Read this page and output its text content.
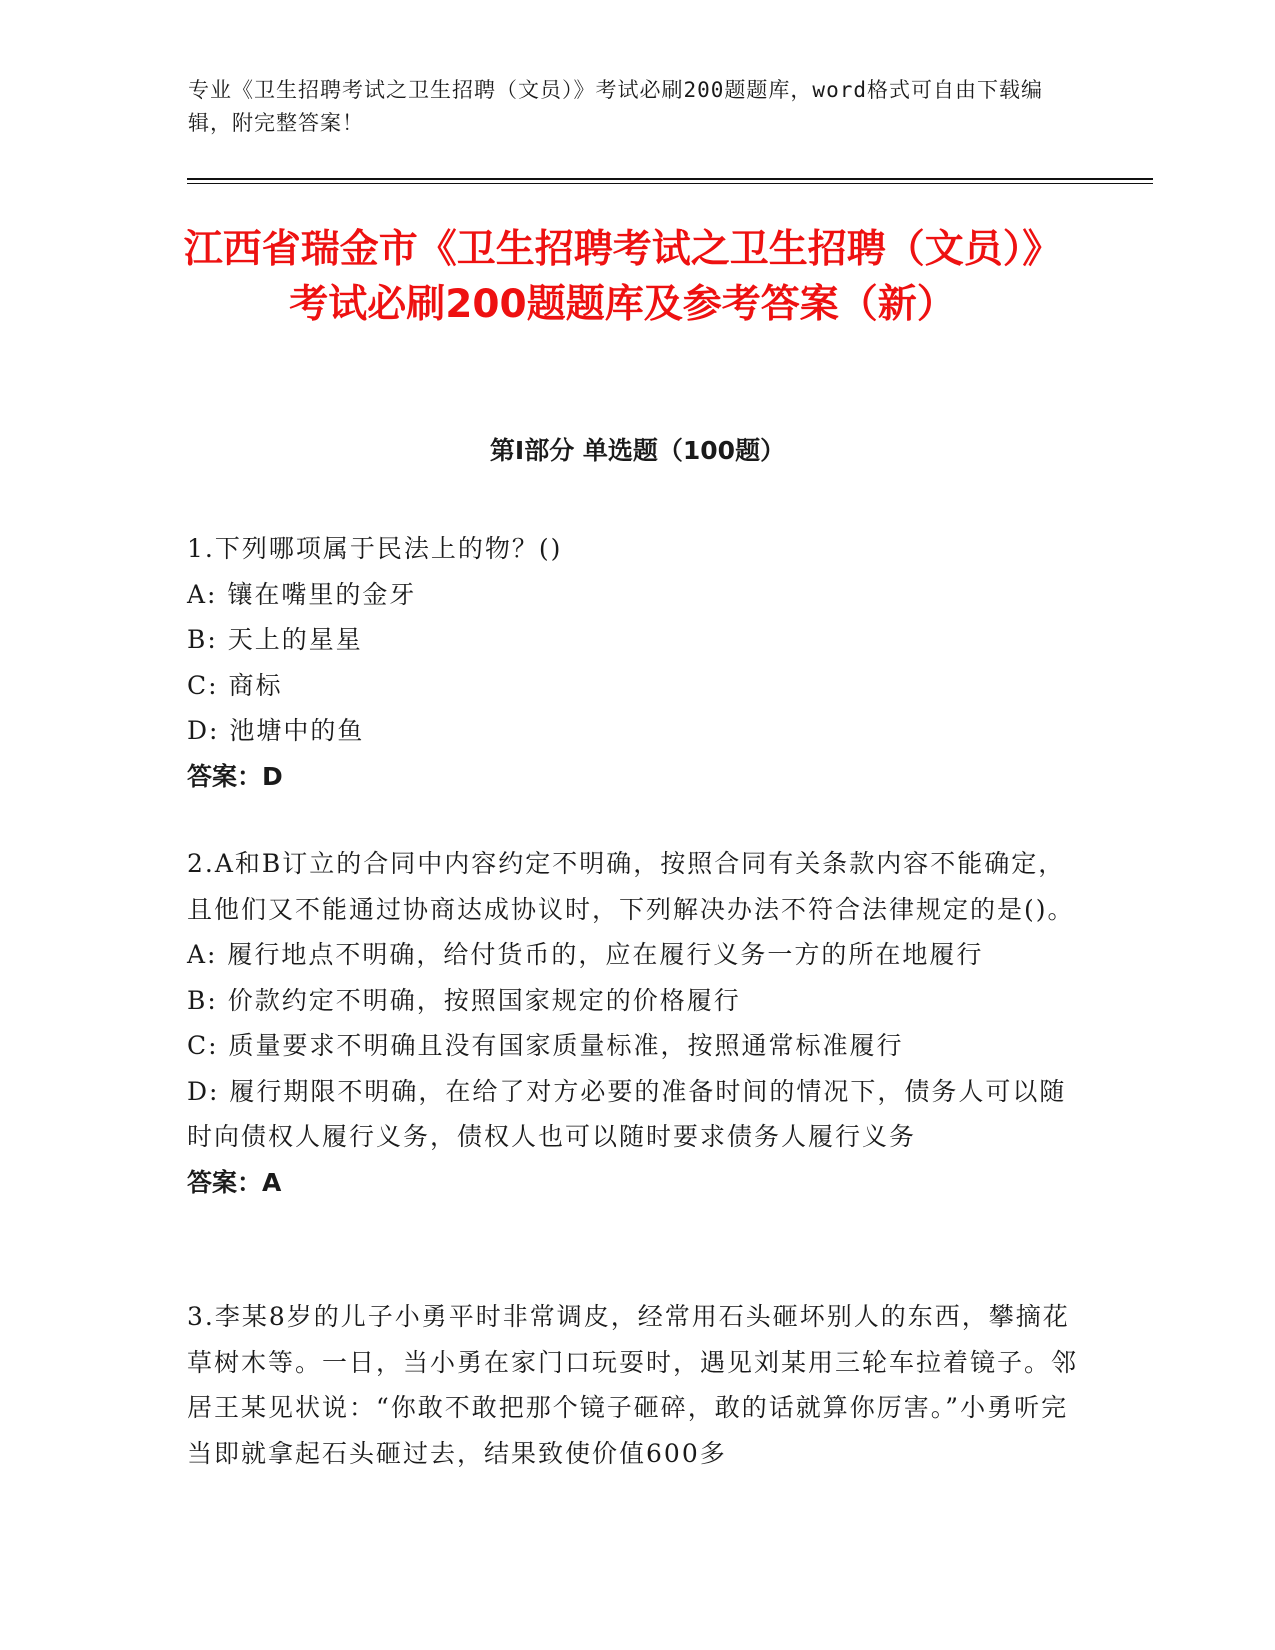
专业《卫生招聘考试之卫生招聘（文员）》考试必刷200题题库，word格式可自由下载编辑，附完整答案！
江西省瑞金市《卫生招聘考试之卫生招聘（文员）》考试必刷200题题库及参考答案（新）
第I部分 单选题（100题）
1.下列哪项属于民法上的物？()
A: 镶在嘴里的金牙
B: 天上的星星
C: 商标
D: 池塘中的鱼
答案：D
2.A和B订立的合同中内容约定不明确，按照合同有关条款内容不能确定，且他们又不能通过协商达成协议时，下列解决办法不符合法律规定的是()。
A: 履行地点不明确，给付货币的，应在履行义务一方的所在地履行
B: 价款约定不明确，按照国家规定的价格履行
C: 质量要求不明确且没有国家质量标准，按照通常标准履行
D: 履行期限不明确，在给了对方必要的准备时间的情况下，债务人可以随时向债权人履行义务，债权人也可以随时要求债务人履行义务
答案：A
3.李某8岁的儿子小勇平时非常调皮，经常用石头砸坏别人的东西，攀摘花草树木等。一日，当小勇在家门口玩耍时，遇见刘某用三轮车拉着镜子。邻居王某见状说：“你敢不敢把那个镜子砸碎，敢的话就算你厉害。”小勇听完当即就拿起石头砸过去，结果致使价值600多
